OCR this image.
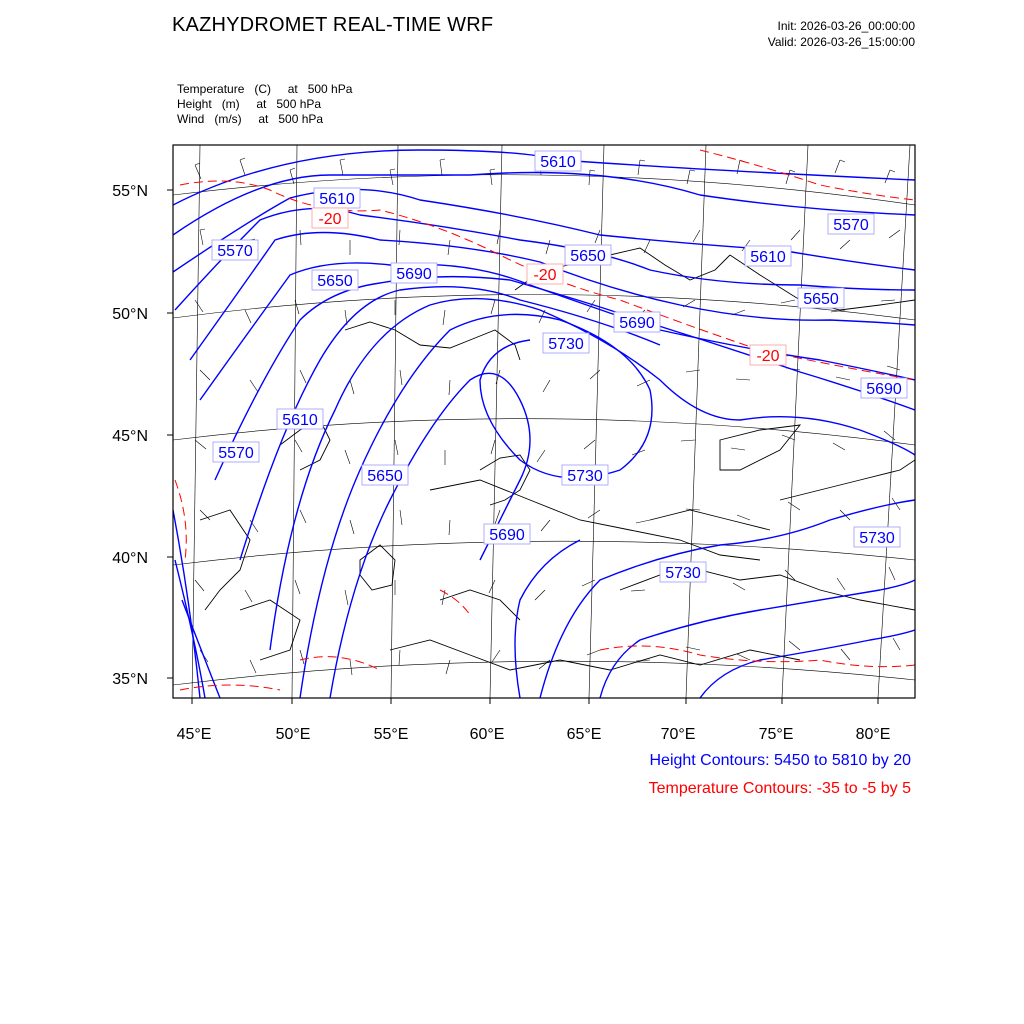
KAZHYDROMET REAL-TIME WRF	Init: 2026-03-26_00:00:00
Valid: 2026-03-26_15:00:00
Temperature   (C)     at   500 hPa
Height   (m)     at   500 hPa
Wind   (m/s)     at   500 hPa
45°E	50°E	55°E	60°E	65°E	70°E	75°E	80°E
55°N
50°N
45°N
40°N
35°N
5610
5610
5570	5650
5690
5650
5610
5570
5690
5730
5650
5690
5610
5570
5650	5730
5690	5730
5730
-20
-20
-20
Height Contours: 5450 to 5810 by 20
Temperature Contours: -35 to -5 by 5
